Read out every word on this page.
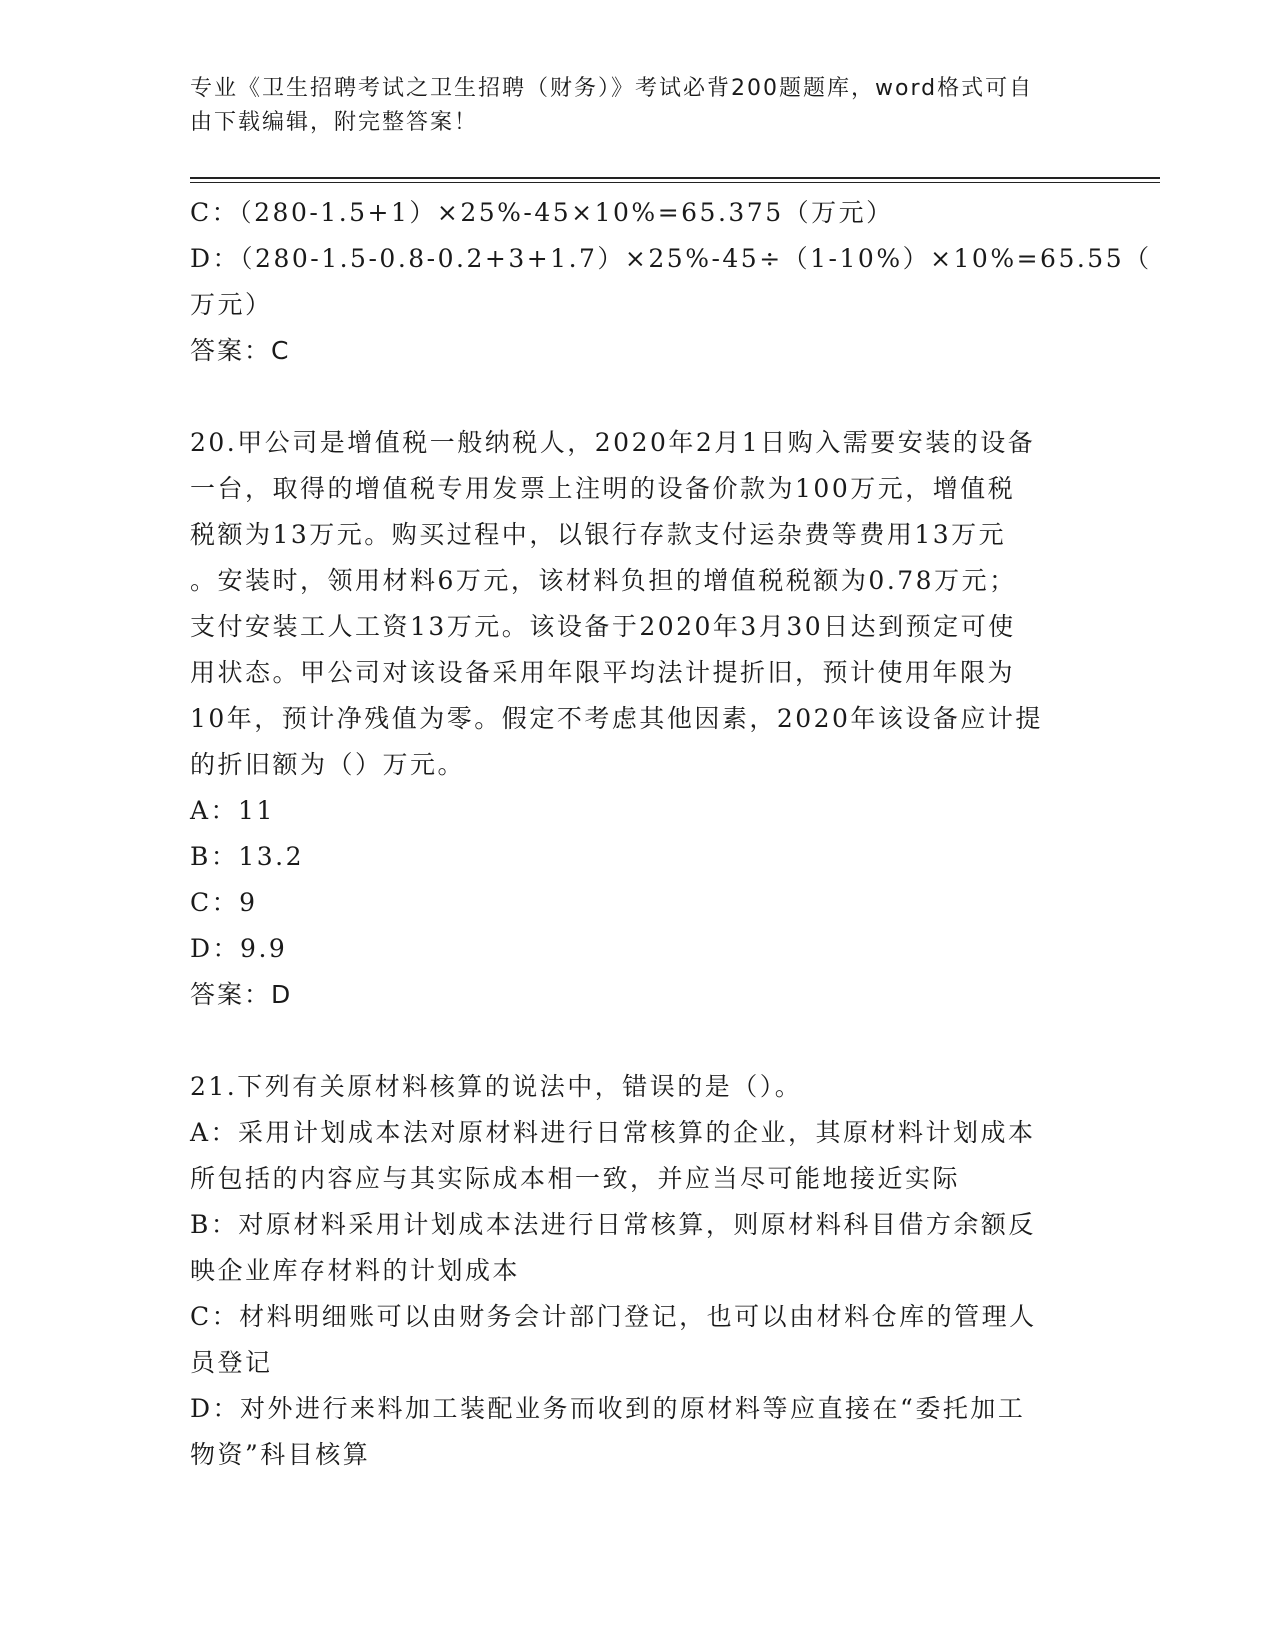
专业《卫生招聘考试之卫生招聘（财务）》考试必背200题题库，word格式可自
由下载编辑，附完整答案！
C：（280-1.5+1）×25%-45×10%=65.375（万元）
D：（280-1.5-0.8-0.2+3+1.7）×25%-45÷（1-10%）×10%=65.55（
万元）
答案：C
20.甲公司是增值税一般纳税人，2020年2月1日购入需要安装的设备
一台，取得的增值税专用发票上注明的设备价款为100万元，增值税
税额为13万元。购买过程中，以银行存款支付运杂费等费用13万元
。安装时，领用材料6万元，该材料负担的增值税税额为0.78万元；
支付安装工人工资13万元。该设备于2020年3月30日达到预定可使
用状态。甲公司对该设备采用年限平均法计提折旧，预计使用年限为
10年，预计净残值为零。假定不考虑其他因素，2020年该设备应计提
的折旧额为（）万元。
A：11
B：13.2
C：9
D：9.9
答案：D
21.下列有关原材料核算的说法中，错误的是（）。
A：采用计划成本法对原材料进行日常核算的企业，其原材料计划成本
所包括的内容应与其实际成本相一致，并应当尽可能地接近实际
B：对原材料采用计划成本法进行日常核算，则原材料科目借方余额反
映企业库存材料的计划成本
C：材料明细账可以由财务会计部门登记，也可以由材料仓库的管理人
员登记
D：对外进行来料加工装配业务而收到的原材料等应直接在“委托加工
物资”科目核算
